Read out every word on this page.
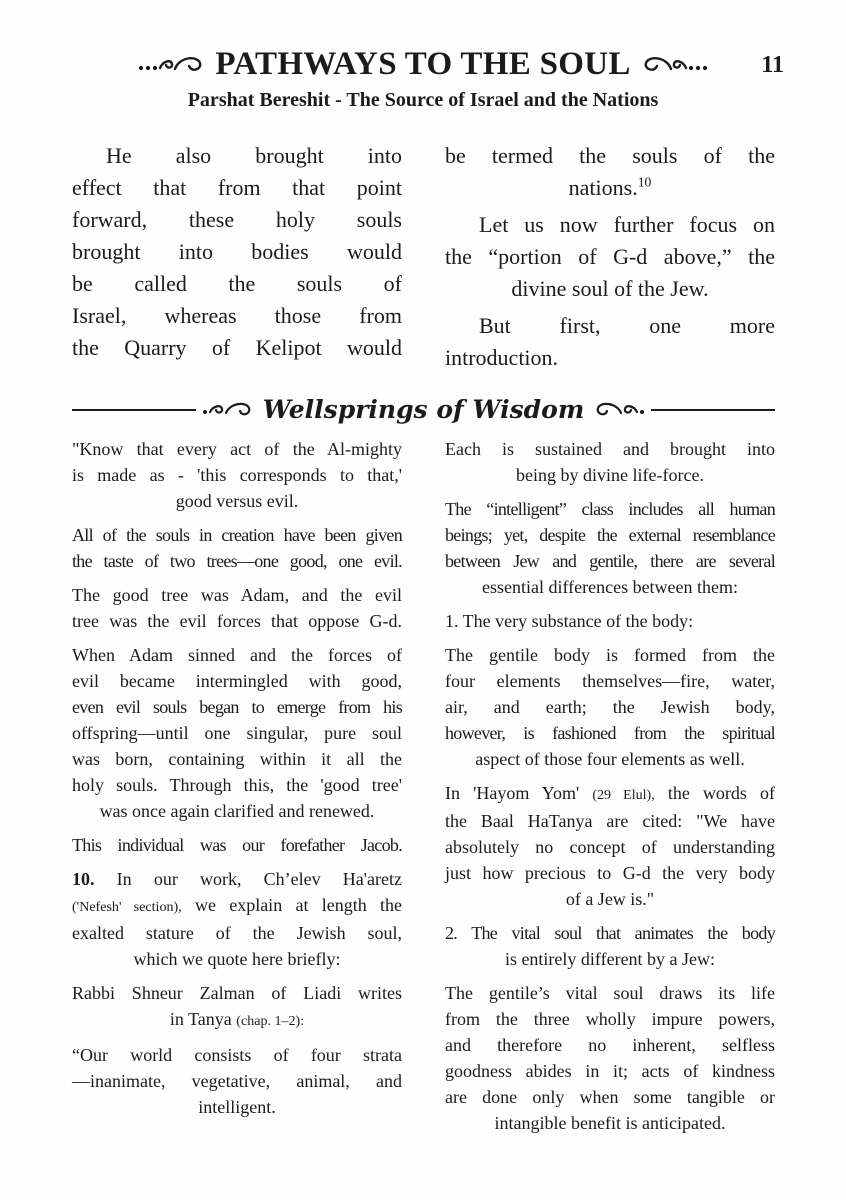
PATHWAYS TO THE SOUL	11
Parshat Bereshit - The Source of Israel and the Nations
He also brought into
effect that from that point
forward, these holy souls
brought into bodies would
be called the souls of
Israel, whereas those from
the Quarry of Kelipot would
be termed the souls of the
nations.$^{10}$
Let us now further focus on
the “portion of G-d above,” the
divine soul of the Jew.
But first, one more
introduction.
Wellsprings of Wisdom
"Know that every act of the Al-mighty
is made as - 'this corresponds to that,'
good versus evil.
All of the souls in creation have been given
the taste of two trees—one good, one evil.
The good tree was Adam, and the evil
tree was the evil forces that oppose G-d.
When Adam sinned and the forces of
evil became intermingled with good,
even evil souls began to emerge from his
offspring—until one singular, pure soul
was born, containing within it all the
holy souls. Through this, the 'good tree'
was once again clarified and renewed.
This individual was our forefather Jacob.
10. In our work, Ch’elev Ha'aretz
('Nefesh' section), we explain at length the
exalted stature of the Jewish soul,
which we quote here briefly:
Rabbi Shneur Zalman of Liadi writes
in Tanya (chap. 1–2):
“Our world consists of four strata
—inanimate, vegetative, animal, and
intelligent.
Each is sustained and brought into
being by divine life-force.
The “intelligent” class includes all human
beings; yet, despite the external resemblance
between Jew and gentile, there are several
essential differences between them:
1. The very substance of the body:
The gentile body is formed from the
four elements themselves—fire, water,
air, and earth; the Jewish body,
however, is fashioned from the spiritual
aspect of those four elements as well.
In 'Hayom Yom' (29 Elul), the words of
the Baal HaTanya are cited: "We have
absolutely no concept of understanding
just how precious to G-d the very body
of a Jew is."
2. The vital soul that animates the body
is entirely different by a Jew:
The gentile’s vital soul draws its life
from the three wholly impure powers,
and therefore no inherent, selfless
goodness abides in it; acts of kindness
are done only when some tangible or
intangible benefit is anticipated.
